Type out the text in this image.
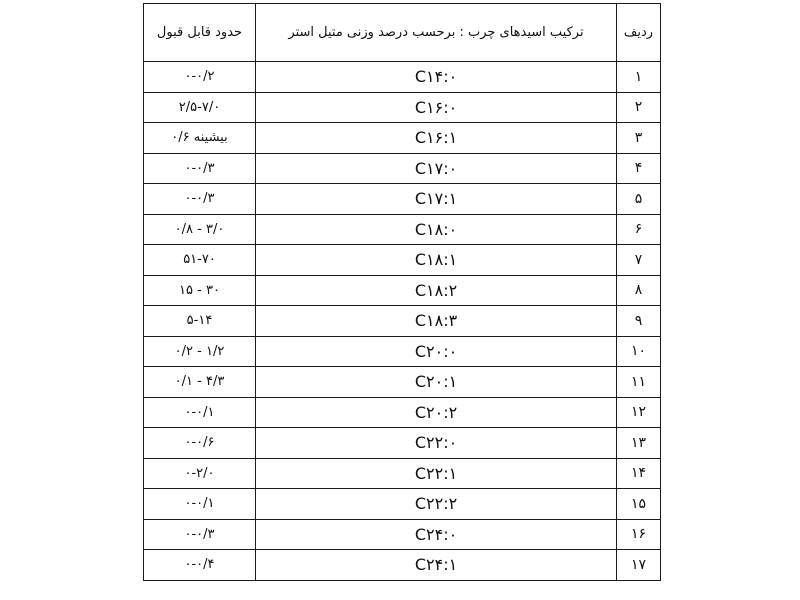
ردیف	ترکیب اسیدهای چرب : برحسب درصد وزنی متیل استر	حدود قابل قبول
۱	C۱۴:۰	۰-۰/۲
۲	C۱۶:۰	۲/۵-۷/۰
۳	C۱۶:۱	بیشینه ۰/۶
۴	C۱۷:۰	۰-۰/۳
۵	C۱۷:۱	۰-۰/۳
۶	C۱۸:۰	۰/۸ - ۳/۰
۷	C۱۸:۱	۵۱-۷۰
۸	C۱۸:۲	۱۵ - ۳۰
۹	C۱۸:۳	۵-۱۴
۱۰	C۲۰:۰	۰/۲ - ۱/۲
۱۱	C۲۰:۱	۰/۱ - ۴/۳
۱۲	C۲۰:۲	۰-۰/۱
۱۳	C۲۲:۰	۰-۰/۶
۱۴	C۲۲:۱	۰-۲/۰
۱۵	C۲۲:۲	۰-۰/۱
۱۶	C۲۴:۰	۰-۰/۳
۱۷	C۲۴:۱	۰-۰/۴
